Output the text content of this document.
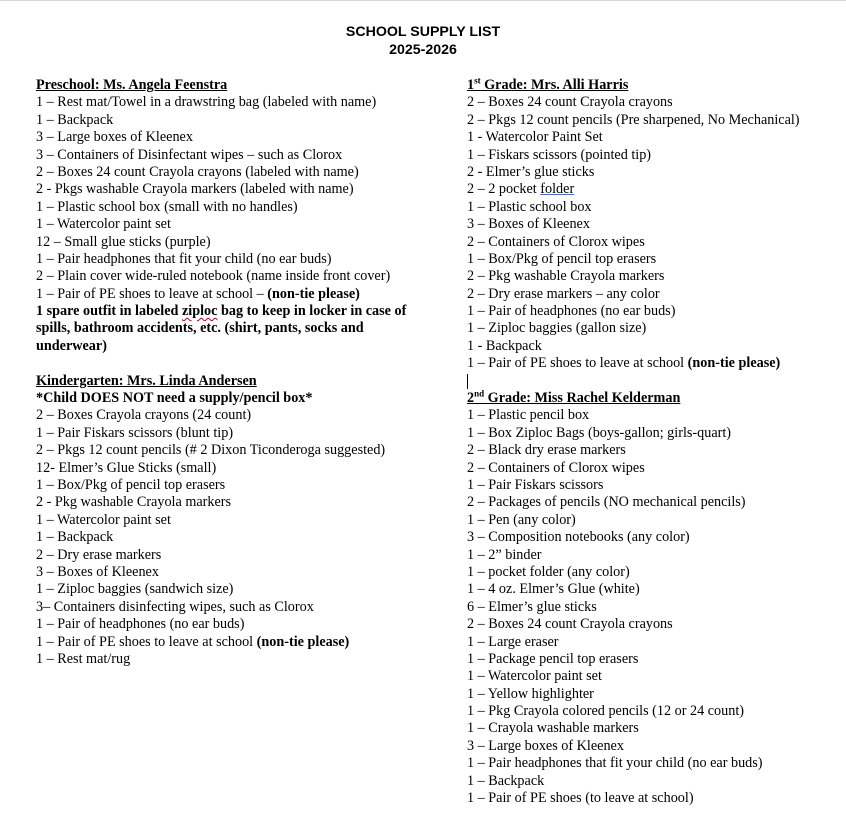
SCHOOL SUPPLY LIST
2025-2026
Preschool: Ms. Angela Feenstra
1 – Rest mat/Towel in a drawstring bag (labeled with name)
1 – Backpack
3 – Large boxes of Kleenex
3 – Containers of Disinfectant wipes – such as Clorox
2 – Boxes 24 count Crayola crayons (labeled with name)
2 - Pkgs washable Crayola markers (labeled with name)
1 – Plastic school box (small with no handles)
1 – Watercolor paint set
12 – Small glue sticks (purple)
1 – Pair headphones that fit your child (no ear buds)
2 – Plain cover wide-ruled notebook (name inside front cover)
1 – Pair of PE shoes to leave at school – (non-tie please)
1 spare outfit in labeled ziploc bag to keep in locker in case of spills, bathroom accidents, etc. (shirt, pants, socks and underwear)
Kindergarten: Mrs. Linda Andersen
*Child DOES NOT need a supply/pencil box*
2 – Boxes Crayola crayons (24 count)
1 – Pair Fiskars scissors (blunt tip)
2 – Pkgs 12 count pencils (# 2 Dixon Ticonderoga suggested)
12- Elmer’s Glue Sticks (small)
1 – Box/Pkg of pencil top erasers
2 - Pkg washable Crayola markers
1 – Watercolor paint set
1 – Backpack
2 – Dry erase markers
3 – Boxes of Kleenex
1 – Ziploc baggies (sandwich size)
3– Containers disinfecting wipes, such as Clorox
1 – Pair of headphones (no ear buds)
1 – Pair of PE shoes to leave at school (non-tie please)
1 – Rest mat/rug
1st Grade: Mrs. Alli Harris
2 – Boxes 24 count Crayola crayons
2 – Pkgs 12 count pencils (Pre sharpened, No Mechanical)
1 - Watercolor Paint Set
1 – Fiskars scissors (pointed tip)
2 - Elmer’s glue sticks
2 – 2 pocket folder
1 – Plastic school box
3 – Boxes of Kleenex
2 – Containers of Clorox wipes
1 – Box/Pkg of pencil top erasers
2 – Pkg washable Crayola markers
2 – Dry erase markers – any color
1 – Pair of headphones (no ear buds)
1 – Ziploc baggies (gallon size)
1 - Backpack
1 – Pair of PE shoes to leave at school (non-tie please)
2nd Grade: Miss Rachel Kelderman
1 – Plastic pencil box
1 – Box Ziploc Bags (boys-gallon; girls-quart)
2 – Black dry erase markers
2 – Containers of Clorox wipes
1 – Pair Fiskars scissors
2 – Packages of pencils (NO mechanical pencils)
1 – Pen (any color)
3 – Composition notebooks (any color)
1 – 2” binder
1 – pocket folder (any color)
1 – 4 oz. Elmer’s Glue (white)
6 – Elmer’s glue sticks
2 – Boxes 24 count Crayola crayons
1 – Large eraser
1 – Package pencil top erasers
1 – Watercolor paint set
1 – Yellow highlighter
1 – Pkg Crayola colored pencils (12 or 24 count)
1 – Crayola washable markers
3 – Large boxes of Kleenex
1 – Pair headphones that fit your child (no ear buds)
1 – Backpack
1 – Pair of PE shoes (to leave at school)
